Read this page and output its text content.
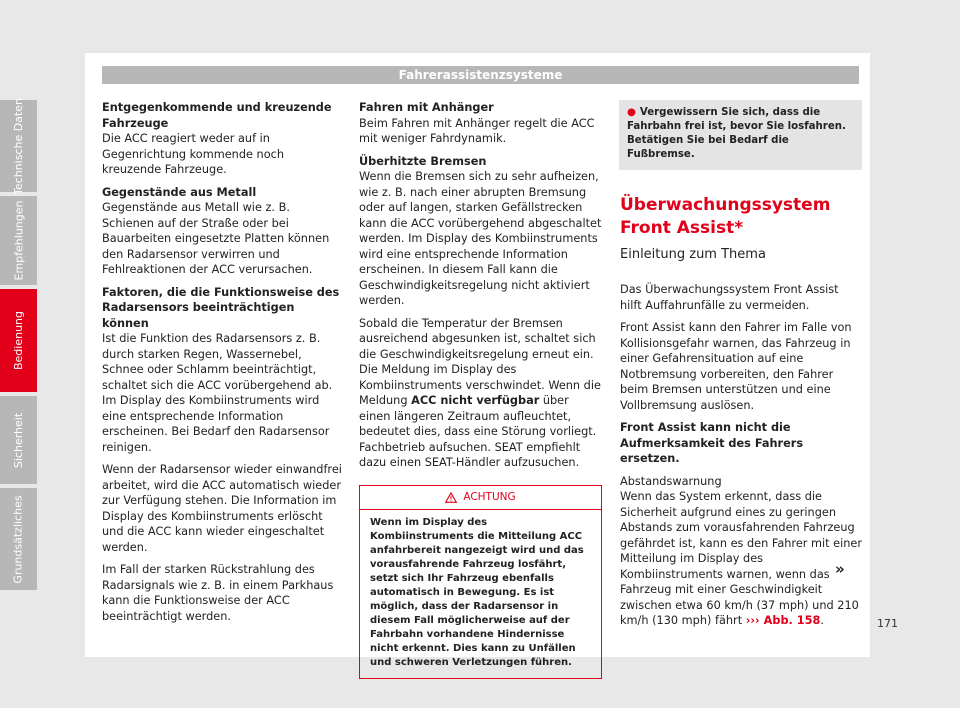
Fahrerassistenzsysteme
Entgegenkommende und kreuzende Fahrzeuge

Die ACC reagiert weder auf in Gegenrichtung kommende noch kreuzende Fahrzeuge.

Gegenstände aus Metall

Gegenstände aus Metall wie z. B. Schienen auf der Straße oder bei Bauarbeiten eingesetzte Platten können den Radarsensor verwirren und Fehlreaktionen der ACC verursachen.

Faktoren, die die Funktionsweise des Radarsensors beeinträchtigen können

Ist die Funktion des Radarsensors z. B. durch starken Regen, Wassernebel, Schnee oder Schlamm beeinträchtigt, schaltet sich die ACC vorübergehend ab. Im Display des Kombiinstruments wird eine entsprechende Information erscheinen. Bei Bedarf den Radarsensor reinigen.

Wenn der Radarsensor wieder einwandfrei arbeitet, wird die ACC automatisch wieder zur Verfügung stehen. Die Information im Display des Kombiinstruments erlöscht und die ACC kann wieder eingeschaltet werden.

Im Fall der starken Rückstrahlung des Radarsignals wie z. B. in einem Parkhaus kann die Funktionsweise der ACC beeinträchtigt werden.

Fahren mit Anhänger

Beim Fahren mit Anhänger regelt die ACC mit weniger Fahrdynamik.

Überhitzte Bremsen

Wenn die Bremsen sich zu sehr aufheizen, wie z. B. nach einer abrupten Bremsung oder auf langen, starken Gefällstrecken kann die ACC vorübergehend abgeschaltet werden. Im Display des Kombiinstruments wird eine entsprechende Information erscheinen. In diesem Fall kann die Geschwindigkeitsregelung nicht aktiviert werden.

Sobald die Temperatur der Bremsen ausreichend abgesunken ist, schaltet sich die Geschwindigkeitsregelung erneut ein. Die Meldung im Display des Kombiinstruments verschwindet. Wenn die Meldung ACC nicht verfügbar über einen längeren Zeitraum aufleuchtet, bedeutet dies, dass eine Störung vorliegt. Fachbetrieb aufsuchen. SEAT empfiehlt dazu einen SEAT-Händler aufzusuchen.

ACHTUNG
Wenn im Display des Kombiinstruments die Mitteilung ACC anfahrbereit nangezeigt wird und das vorausfahrende Fahrzeug losfährt, setzt sich Ihr Fahrzeug ebenfalls automatisch in Bewegung. Es ist möglich, dass der Radarsensor in diesem Fall möglicherweise auf der Fahrbahn vorhandene Hindernisse nicht erkennt. Dies kann zu Unfällen und schweren Verletzungen führen.
● Vergewissern Sie sich, dass die Fahrbahn frei ist, bevor Sie losfahren. Betätigen Sie bei Bedarf die Fußbremse.
Überwachungssystem Front Assist*
Einleitung zum Thema

Das Überwachungssystem Front Assist hilft Auffahrunfälle zu vermeiden.

Front Assist kann den Fahrer im Falle von Kollisionsgefahr warnen, das Fahrzeug in einer Gefahrensituation auf eine Notbremsung vorbereiten, den Fahrer beim Bremsen unterstützen und eine Vollbremsung auslösen.

Front Assist kann nicht die Aufmerksamkeit des Fahrers ersetzen.

Abstandswarnung

Wenn das System erkennt, dass die Sicherheit aufgrund eines zu geringen Abstands zum vorausfahrenden Fahrzeug gefährdet ist, kann es den Fahrer mit einer Mitteilung im Display des Kombiinstruments warnen, wenn das Fahrzeug mit einer Geschwindigkeit zwischen etwa 60 km/h (37 mph) und 210 km/h (130 mph) fährt ››› Abb. 158.

»
Technische Daten
Empfehlungen
Bedienung
Sicherheit
Grundsätzliches
171
